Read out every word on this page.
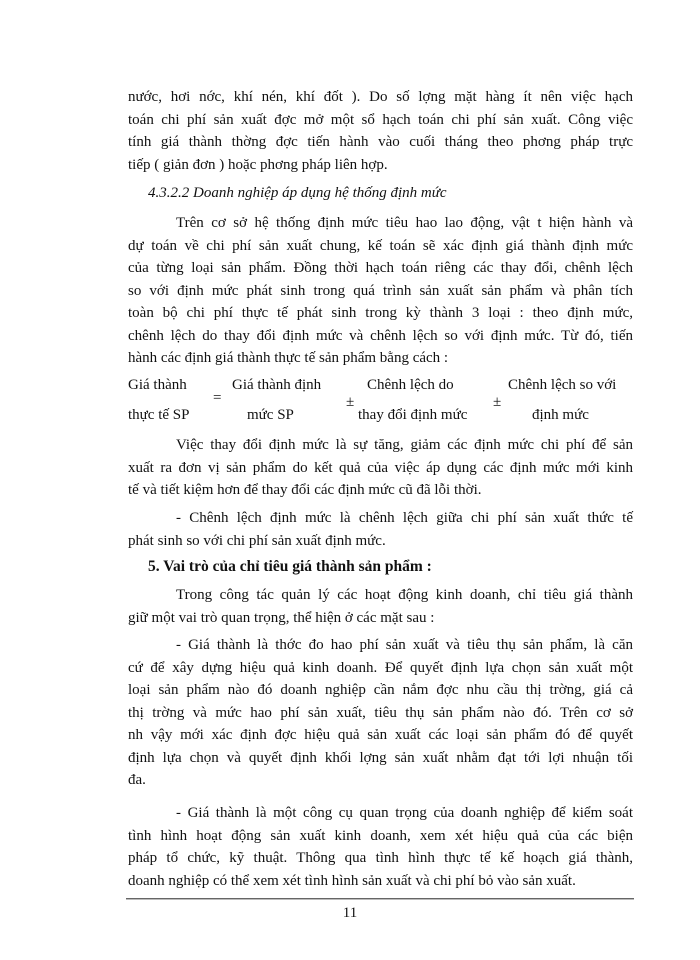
nước, hơi nớc, khí nén, khí đốt ). Do số lợng mặt hàng ít nên việc hạch
toán chi phí sản xuất đợc mở một sổ hạch toán chi phí sản xuất. Công việc
tính giá thành thờng đợc tiến hành vào cuối tháng theo phơng pháp trực
tiếp ( giản đơn ) hoặc phơng pháp liên hợp.
4.3.2.2 Doanh nghiệp áp dụng hệ thống định mức
Trên cơ sở hệ thống định mức tiêu hao lao động, vật t hiện hành và
dự toán về chi phí sản xuất chung, kế toán sẽ xác định giá thành định mức
của từng loại sản phẩm. Đồng thời hạch toán riêng các thay đổi, chênh lệch
so với định mức phát sinh trong quá trình sản xuất sản phẩm và phân tích
toàn bộ chi phí thực tế phát sinh trong kỳ thành 3 loại : theo định mức,
chênh lệch do thay đổi định mức và chênh lệch so với định mức. Từ đó, tiến
hành các định giá thành thực tế sản phẩm bằng cách :
Giá thành
thực tế SP
=
Giá thành định
mức SP
±
Chênh lệch do
thay đổi định mức
±
Chênh lệch so với
định mức
Việc thay đổi định mức là sự tăng, giảm các định mức chi phí để sản
xuất ra đơn vị sản phẩm do kết quả của việc áp dụng các định mức mới kinh
tế và tiết kiệm hơn để thay đổi các định mức cũ đã lỗi thời.
- Chênh lệch định mức là chênh lệch giữa chi phí sản xuất thức tế
phát sinh so với chi phí sản xuất định mức.
5. Vai trò của chỉ tiêu giá thành sản phẩm :
Trong công tác quản lý các hoạt động kinh doanh, chỉ tiêu giá thành
giữ một vai trò quan trọng, thể hiện ở các mặt sau :
- Giá thành là thớc đo hao phí sản xuất và tiêu thụ sản phẩm, là căn
cứ để xây dựng hiệu quả kinh doanh. Để quyết định lựa chọn sản xuất một
loại sản phẩm nào đó doanh nghiệp cần nắm đợc nhu cầu thị trờng, giá cả
thị trờng và mức hao phí sản xuất, tiêu thụ sản phẩm nào đó. Trên cơ sở
nh vậy mới xác định đợc hiệu quả sản xuất các loại sản phẩm đó để quyết
định lựa chọn và quyết định khối lợng sản xuất nhằm đạt tới lợi nhuận tối
đa.
- Giá thành là một công cụ quan trọng của doanh nghiệp để kiểm soát
tình hình hoạt động sản xuất kinh doanh, xem xét hiệu quả của các biện
pháp tổ chức, kỹ thuật. Thông qua tình hình thực tế kế hoạch giá thành,
doanh nghiệp có thể xem xét tình hình sản xuất và chi phí bỏ vào sản xuất.
11
